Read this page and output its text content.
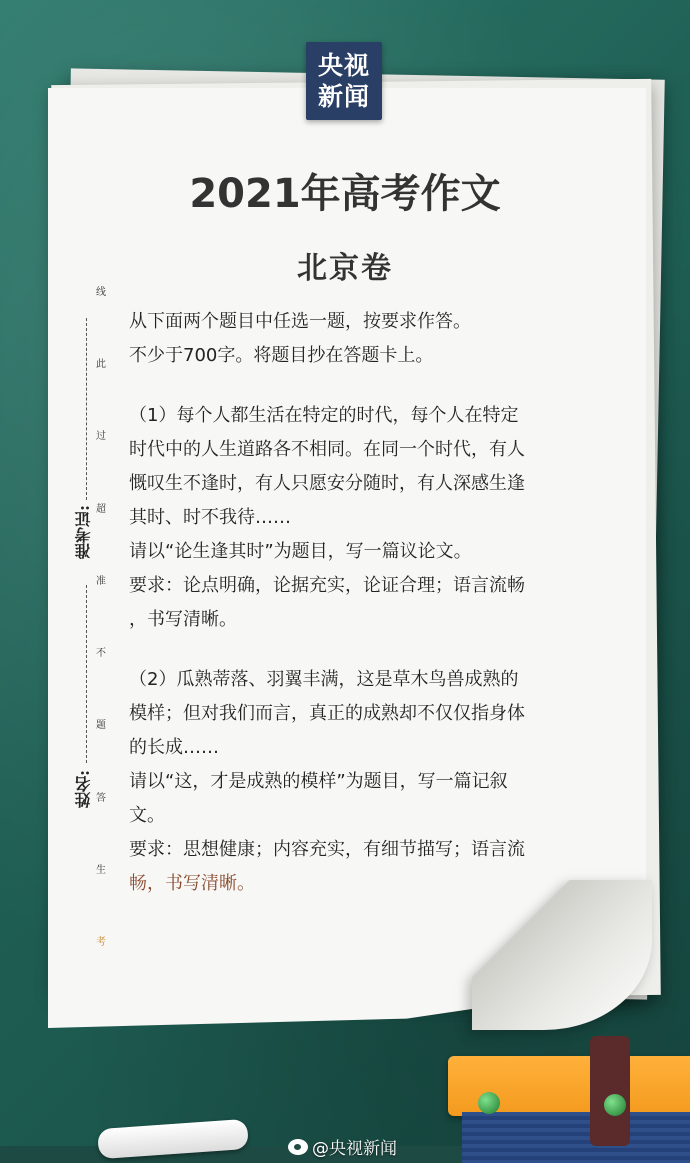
央视
新闻
2021年高考作文
北京卷
准考证:
姓名:
线
此
过
超
准
不
题
答
生
考

从下面两个题目中任选一题，按要求作答。

不少于700字。将题目抄在答题卡上。

（1）每个人都生活在特定的时代，每个人在特定

时代中的人生道路各不相同。在同一个时代，有人

慨叹生不逢时，有人只愿安分随时，有人深感生逢

其时、时不我待……

请以“论生逢其时”为题目，写一篇议论文。

要求：论点明确，论据充实，论证合理；语言流畅

，书写清晰。

（2）瓜熟蒂落、羽翼丰满，这是草木鸟兽成熟的

模样；但对我们而言，真正的成熟却不仅仅指身体

的长成……

请以“这，才是成熟的模样”为题目，写一篇记叙

文。

要求：思想健康；内容充实，有细节描写；语言流

畅，书写清晰。

@央视新闻
